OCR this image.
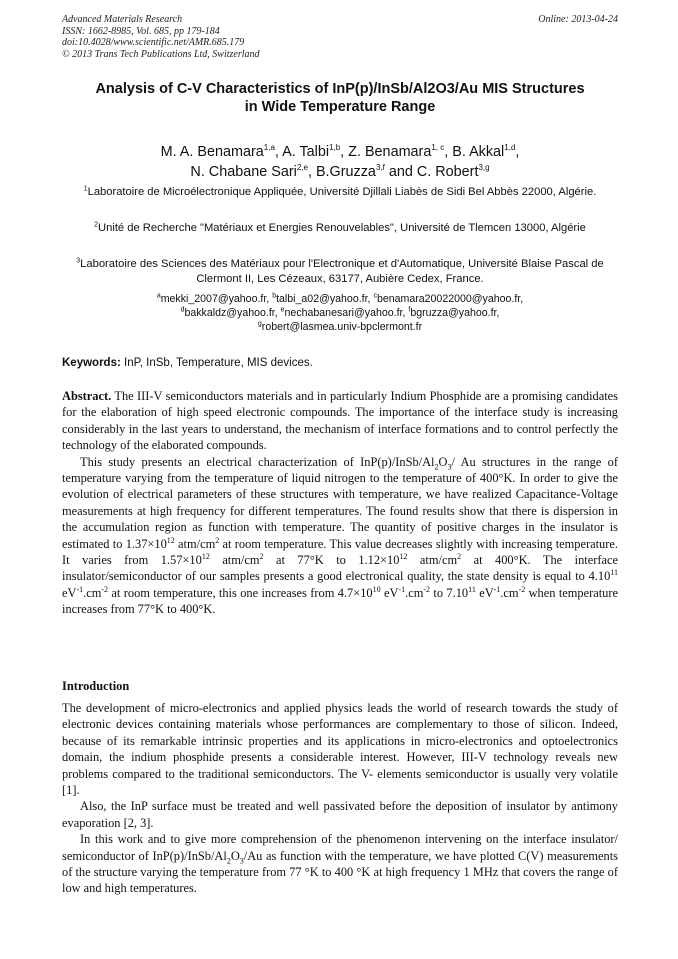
Advanced Materials Research	Online: 2013-04-24
ISSN: 1662-8985, Vol. 685, pp 179-184
doi:10.4028/www.scientific.net/AMR.685.179
© 2013 Trans Tech Publications Ltd, Switzerland
Analysis of C-V Characteristics of InP(p)/InSb/Al2O3/Au MIS Structures
in Wide Temperature Range
M. A. Benamara$^{1,a}$, A. Talbi$^{1,b}$, Z. Benamara$^{1, c}$, B. Akkal$^{1,d}$,
N. Chabane Sari$^{2,e}$, B.Gruzza$^{3,f}$ and C. Robert$^{3,g}$
$^1$Laboratoire de Microélectronique Appliquée, Université Djillali Liabès de Sidi Bel Abbès 22000, Algérie.
$^2$Unité de Recherche "Matériaux et Energies Renouvelables", Université de Tlemcen 13000, Algérie
$^3$Laboratoire des Sciences des Matériaux pour l'Electronique et d'Automatique, Université Blaise Pascal de Clermont II, Les Cézeaux, 63177, Aubière Cedex, France.
$^a$mekki_2007@yahoo.fr, $^b$talbi_a02@yahoo.fr, $^c$benamara20022000@yahoo.fr,
$^d$bakkaldz@yahoo.fr, $^e$nechabanesari@yahoo.fr, $^f$bgruzza@yahoo.fr,
$^g$robert@lasmea.univ-bpclermont.fr
Keywords: InP, InSb, Temperature, MIS devices.

Abstract. The III-V semiconductors materials and in particularly Indium Phosphide are a promising candidates for the elaboration of high speed electronic compounds. The importance of the interface study is increasing considerably in the last years to understand, the mechanism of interface formations and to control perfectly the technology of the elaborated compounds.

This study presents an electrical characterization of $InP(p)/InSb/Al_2O_3/$ Au structures in the range of temperature varying from the temperature of liquid nitrogen to the temperature of 400°K. In order to give the evolution of electrical parameters of these structures with temperature, we have realized Capacitance-Voltage measurements at high frequency for different temperatures. The found results show that there is dispersion in the accumulation region as function with temperature. The quantity of positive charges in the insulator is estimated to $1.37\times 10^{12}$ atm/$cm^2$ at room temperature. This value decreases slightly with increasing temperature. It varies from $1.57\times 10^{12}$ atm/$cm^2$ at 77°K to $1.12\times 10^{12}$ atm/$cm^2$ at 400°K. The interface insulator/semiconductor of our samples presents a good electronical quality, the state density is equal to 4.10$^{11}$ $eV^{-1}.cm^{-2}$ at room temperature, this one increases from $4.7\times 10^{10}$ $eV^{-1}.cm^{-2}$ to 7.10$^{11}$ $eV^{-1}.cm^{-2}$ when temperature increases from 77°K to 400°K.

Introduction

The development of micro-electronics and applied physics leads the world of research towards the study of electronic devices containing materials whose performances are complementary to those of silicon. Indeed, because of its remarkable intrinsic properties and its applications in micro-electronics and optoelectronics domain, the indium phosphide presents a considerable interest. However, III-V technology reveals new problems compared to the traditional semiconductors. The V- elements semiconductor is usually very volatile [1].

Also, the InP surface must be treated and well passivated before the deposition of insulator by antimony evaporation [2, 3].

In this work and to give more comprehension of the phenomenon intervening on the interface insulator/ semiconductor of $InP(p)/InSb/Al_2O_3/Au$ as function with the temperature, we have plotted C(V) measurements of the structure varying the temperature from 77 °K to 400 °K at high frequency 1 MHz that covers the range of low and high temperatures.
